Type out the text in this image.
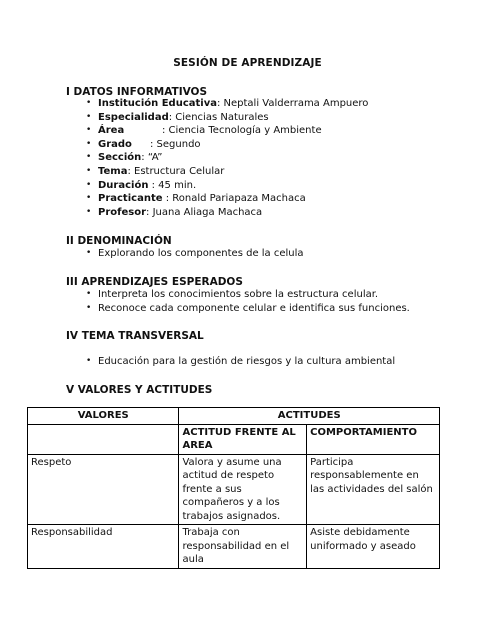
SESIÓN DE APRENDIZAJE
I DATOS INFORMATIVOS
• Institución Educativa: Neptali Valderrama Ampuero
• Especialidad: Ciencias Naturales
• Área	: Ciencia Tecnología y Ambiente
• Grado : Segundo
• Sección: “A”
• Tema: Estructura Celular
• Duración : 45 min.
• Practicante : Ronald Pariapaza Machaca
• Profesor: Juana Aliaga Machaca
II DENOMINACIÓN
• Explorando los componentes de la celula
III APRENDIZAJES ESPERADOS
• Interpreta los conocimientos sobre la estructura celular.
• Reconoce cada componente celular e identifica sus funciones.
IV TEMA TRANSVERSAL
• Educación para la gestión de riesgos y la cultura ambiental
V VALORES Y ACTITUDES
VALORES	ACTITUDES	
	ACTITUD FRENTE AL AREA	COMPORTAMIENTO
Respeto	Valora y asume una actitud de respeto frente a sus compañeros y a los trabajos asignados.	Participa responsablemente en las actividades del salón
Responsabilidad	Trabaja con responsabilidad en el aula	Asiste debidamente uniformado y aseado
